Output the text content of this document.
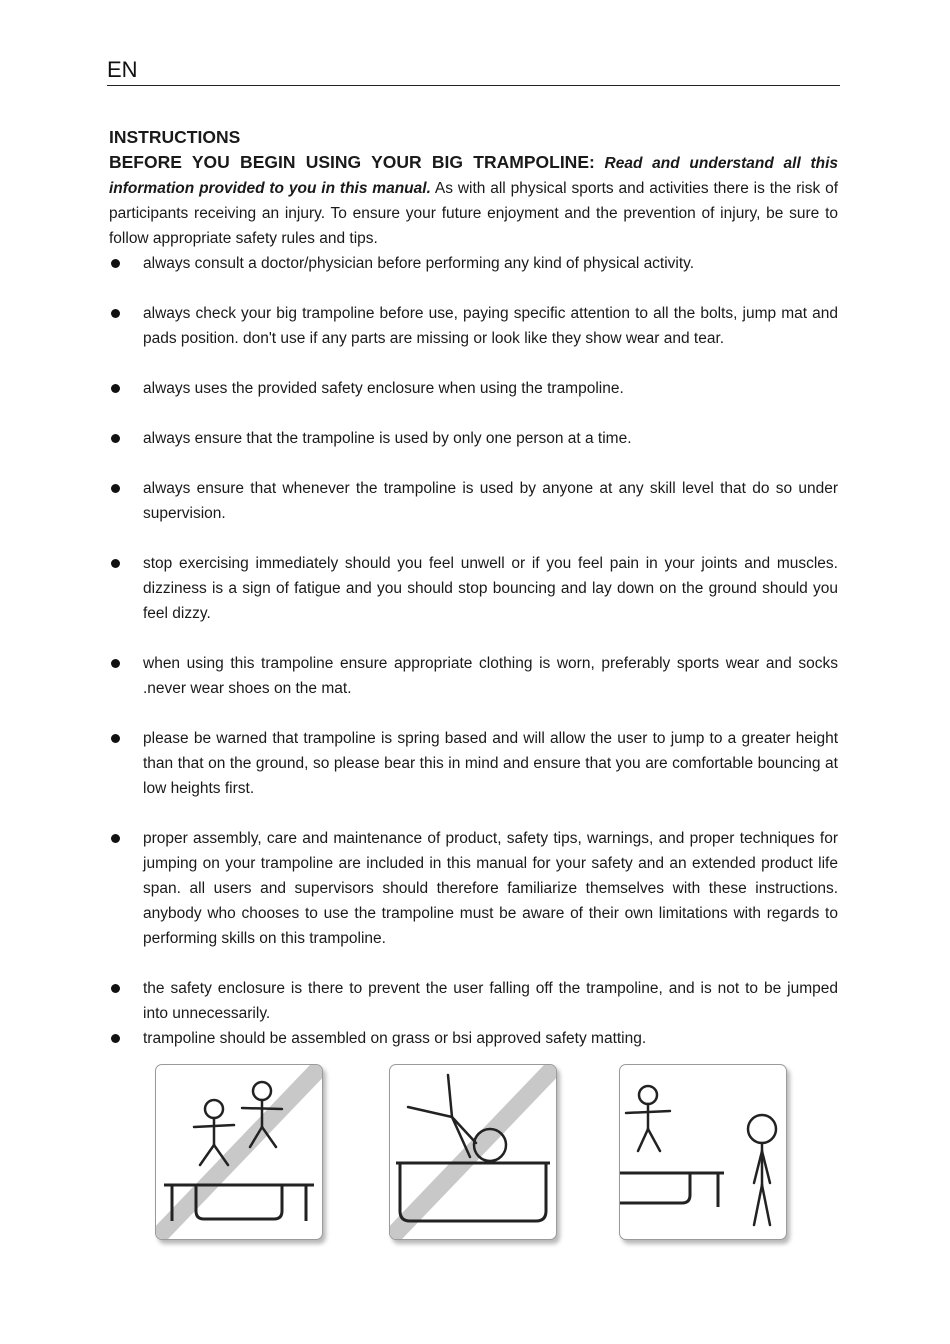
EN

INSTRUCTIONS

BEFORE YOU BEGIN USING YOUR BIG TRAMPOLINE: Read and understand all this information provided to you in this manual. As with all physical sports and activities there is the risk of participants receiving an injury. To ensure your future enjoyment and the prevention of injury, be sure to follow appropriate safety rules and tips.

always consult a doctor/physician before performing any kind of physical activity.
always check your big trampoline before use, paying specific attention to all the bolts, jump mat and pads position. don't use if any parts are missing or look like they show wear and tear.
always uses the provided safety enclosure when using the trampoline.
always ensure that the trampoline is used by only one person at a time.
always ensure that whenever the trampoline is used by anyone at any skill level that do so under supervision.
stop exercising immediately should you feel unwell or if you feel pain in your joints and muscles. dizziness is a sign of fatigue and you should stop bouncing and lay down on the ground should you feel dizzy.
when using this trampoline ensure appropriate clothing is worn, preferably sports wear and socks .never wear shoes on the mat.
please be warned that trampoline is spring based and will allow the user to jump to a greater height than that on the ground, so please bear this in mind and ensure that you are comfortable bouncing at low heights first.
proper assembly, care and maintenance of product, safety tips, warnings, and proper techniques for jumping on your trampoline are included in this manual for your safety and an extended product life span. all users and supervisors should therefore familiarize themselves with these instructions. anybody who chooses to use the trampoline must be aware of their own limitations with regards to performing skills on this trampoline.
the safety enclosure is there to prevent the user falling off the trampoline, and is not to be jumped into unnecessarily.
trampoline should be assembled on grass or bsi approved safety matting.
